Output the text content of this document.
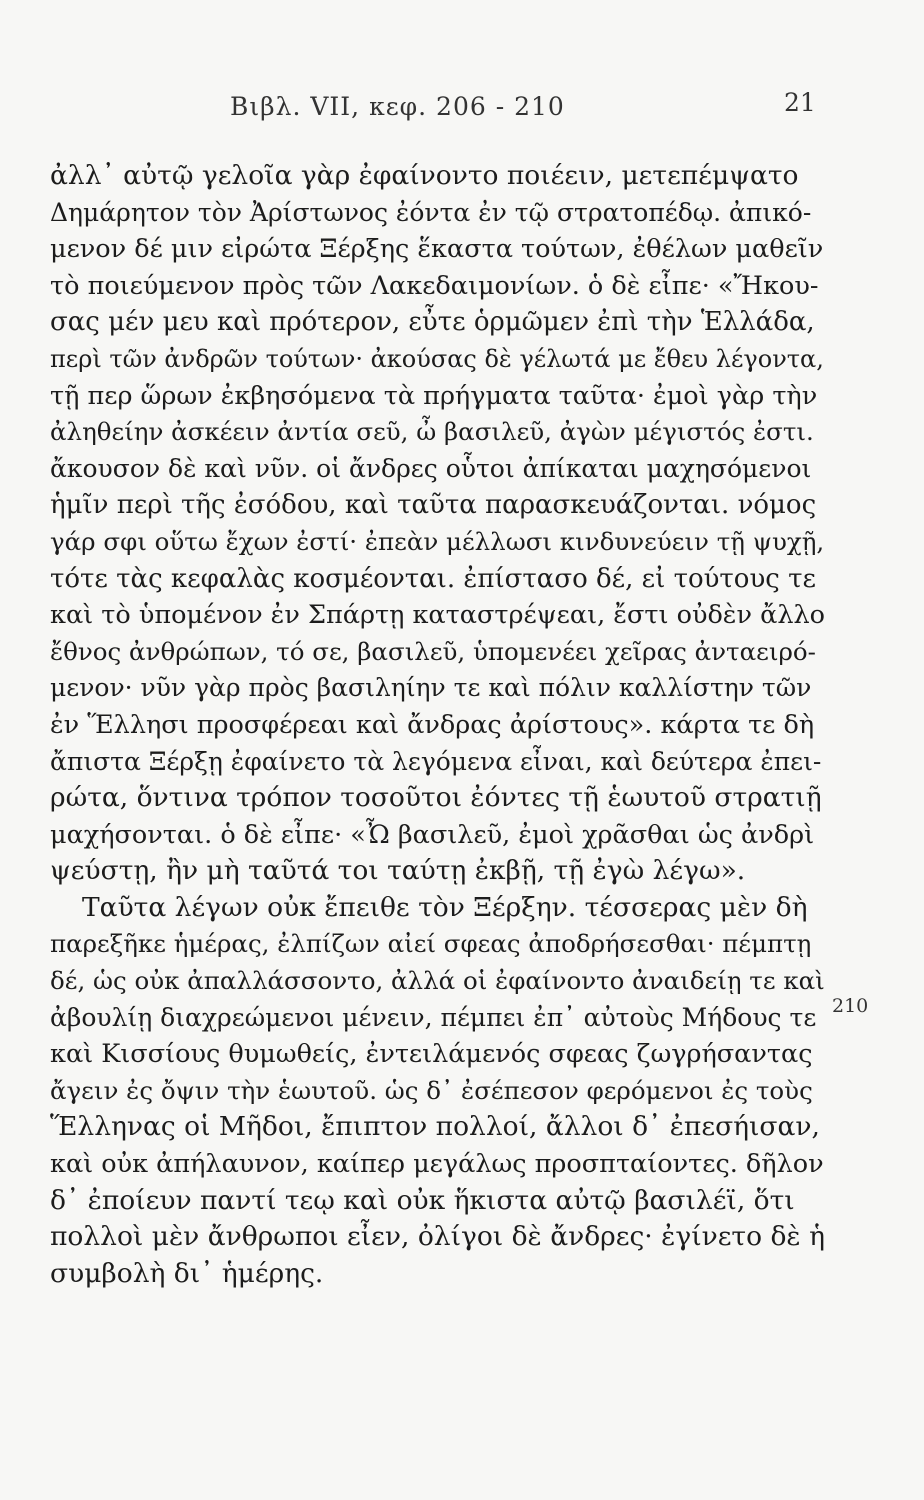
Βιβλ. VII, κεφ. 206 - 210	21
ἀλλ᾽ αὐτῷ γελοῖα γὰρ ἐφαίνοντο ποιέειν, μετεπέμψατο
Δημάρητον τὸν Ἀρίστωνος ἐόντα ἐν τῷ στρατοπέδῳ. ἀπικό-
μενον δέ μιν εἰρώτα Ξέρξης ἕκαστα τούτων, ἐθέλων μαθεῖν
τὸ ποιεύμενον πρὸς τῶν Λακεδαιμονίων. ὁ δὲ εἶπε· «Ἤκου-
σας μέν μευ καὶ πρότερον, εὖτε ὁρμῶμεν ἐπὶ τὴν Ἑλλάδα,
περὶ τῶν ἀνδρῶν τούτων· ἀκούσας δὲ γέλωτά με ἔθευ λέγοντα,
τῇ περ ὥρων ἐκβησόμενα τὰ πρήγματα ταῦτα· ἐμοὶ γὰρ τὴν
ἀληθείην ἀσκέειν ἀντία σεῦ, ὦ βασιλεῦ, ἀγὼν μέγιστός ἐστι.
ἄκουσον δὲ καὶ νῦν. οἱ ἄνδρες οὗτοι ἀπίκαται μαχησόμενοι
ἡμῖν περὶ τῆς ἐσόδου, καὶ ταῦτα παρασκευάζονται. νόμος
γάρ σφι οὕτω ἔχων ἐστί· ἐπεὰν μέλλωσι κινδυνεύειν τῇ ψυχῇ,
τότε τὰς κεφαλὰς κοσμέονται. ἐπίστασο δέ, εἰ τούτους τε
καὶ τὸ ὑπομένον ἐν Σπάρτῃ καταστρέψεαι, ἔστι οὐδὲν ἄλλο
ἔθνος ἀνθρώπων, τό σε, βασιλεῦ, ὑπομενέει χεῖρας ἀνταειρό-
μενον· νῦν γὰρ πρὸς βασιληίην τε καὶ πόλιν καλλίστην τῶν
ἐν Ἕλλησι προσφέρεαι καὶ ἄνδρας ἀρίστους». κάρτα τε δὴ
ἄπιστα Ξέρξῃ ἐφαίνετο τὰ λεγόμενα εἶναι, καὶ δεύτερα ἐπει-
ρώτα, ὅντινα τρόπον τοσοῦτοι ἐόντες τῇ ἑωυτοῦ στρατιῇ
μαχήσονται. ὁ δὲ εἶπε· «Ὦ βασιλεῦ, ἐμοὶ χρᾶσθαι ὡς ἀνδρὶ
ψεύστῃ, ἢν μὴ ταῦτά τοι ταύτῃ ἐκβῇ, τῇ ἐγὼ λέγω».
Ταῦτα λέγων οὐκ ἔπειθε τὸν Ξέρξην. τέσσερας μὲν δὴ
παρεξῆκε ἡμέρας, ἐλπίζων αἰεί σφεας ἀποδρήσεσθαι· πέμπτῃ
δέ, ὡς οὐκ ἀπαλλάσσοντο, ἀλλά οἱ ἐφαίνοντο ἀναιδείῃ τε καὶ
ἀβουλίῃ διαχρεώμενοι μένειν, πέμπει ἐπ᾽ αὐτοὺς Μήδους τε
καὶ Κισσίους θυμωθείς, ἐντειλάμενός σφεας ζωγρήσαντας
ἄγειν ἐς ὄψιν τὴν ἑωυτοῦ. ὡς δ᾽ ἐσέπεσον φερόμενοι ἐς τοὺς
Ἕλληνας οἱ Μῆδοι, ἔπιπτον πολλοί, ἄλλοι δ᾽ ἐπεσήισαν,
καὶ οὐκ ἀπήλαυνον, καίπερ μεγάλως προσπταίοντες. δῆλον
δ᾽ ἐποίευν παντί τεῳ καὶ οὐκ ἥκιστα αὐτῷ βασιλέϊ, ὅτι
πολλοὶ μὲν ἄνθρωποι εἶεν, ὀλίγοι δὲ ἄνδρες· ἐγίνετο δὲ ἡ
συμβολὴ δι᾽ ἡμέρης.
210
